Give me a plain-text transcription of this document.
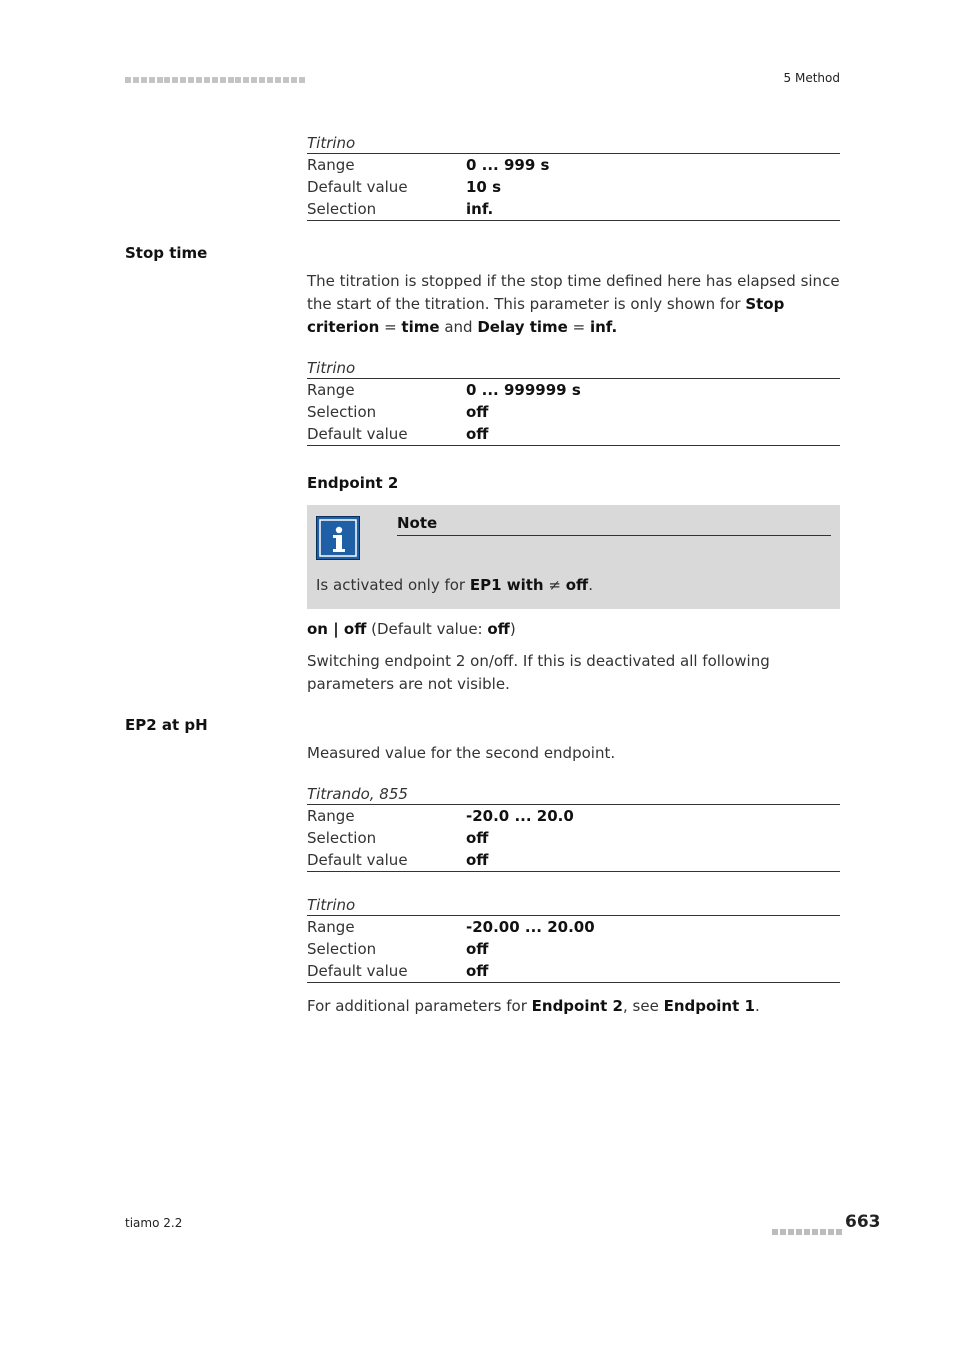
5 Method
Titrino
Range	0 ... 999 s
Default value	10 s
Selection	inf.
Stop time
The titration is stopped if the stop time defined here has elapsed since the start of the titration. This parameter is only shown for Stop criterion = time and Delay time = inf.
Titrino
Range	0 ... 999999 s
Selection	off
Default value	off
Endpoint 2
Note
Is activated only for EP1 with ≠ off.
on | off (Default value: off)
Switching endpoint 2 on/off. If this is deactivated all following parameters are not visible.
EP2 at pH
Measured value for the second endpoint.
Titrando, 855
Range	-20.0 ... 20.0
Selection	off
Default value	off
Titrino
Range	-20.00 ... 20.00
Selection	off
Default value	off
For additional parameters for Endpoint 2, see Endpoint 1.
tiamo 2.2	663
